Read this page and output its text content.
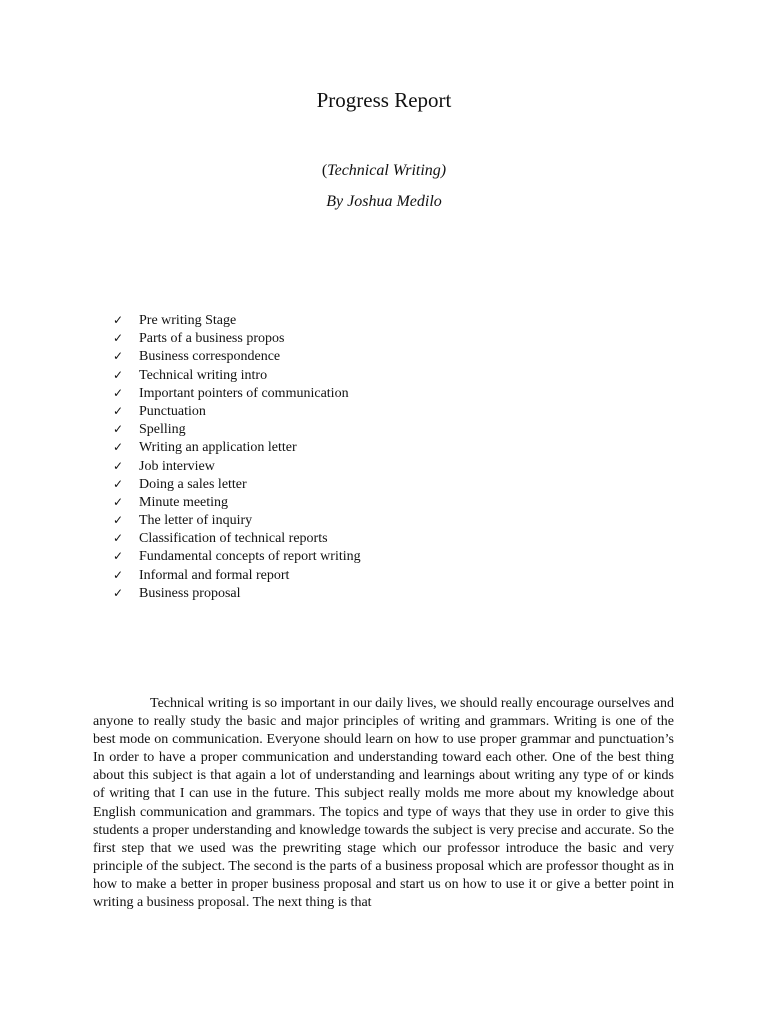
Progress Report
(Technical Writing)
By Joshua Medilo
✓	Pre writing Stage
✓	Parts of a business propos
✓	Business correspondence
✓	Technical writing intro
✓	Important pointers of communication
✓	Punctuation
✓	Spelling
✓	Writing an application letter
✓	Job interview
✓	Doing a sales letter
✓	Minute meeting
✓	The letter of inquiry
✓	Classification of technical reports
✓	Fundamental concepts of report writing
✓	Informal and formal report
✓	Business proposal

Technical writing is so important in our daily lives, we should really encourage ourselves and anyone to really study the basic and major principles of writing and grammars. Writing is one of the best mode on communication. Everyone should learn on how to use proper grammar and punctuation’s In order to have a proper communication and understanding toward each other. One of the best thing about this subject is that again a lot of understanding and learnings about writing any type of or kinds of writing that I can use in the future. This subject really molds me more about my knowledge about English communication and grammars. The topics and type of ways that they use in order to give this students a proper understanding and knowledge towards the subject is very precise and accurate. So the first step that we used was the prewriting stage which our professor introduce the basic and very principle of the subject. The second is the parts of a business proposal which are professor thought as in how to make a better in proper business proposal and start us on how to use it or give a better point in writing a business proposal. The next thing is that
